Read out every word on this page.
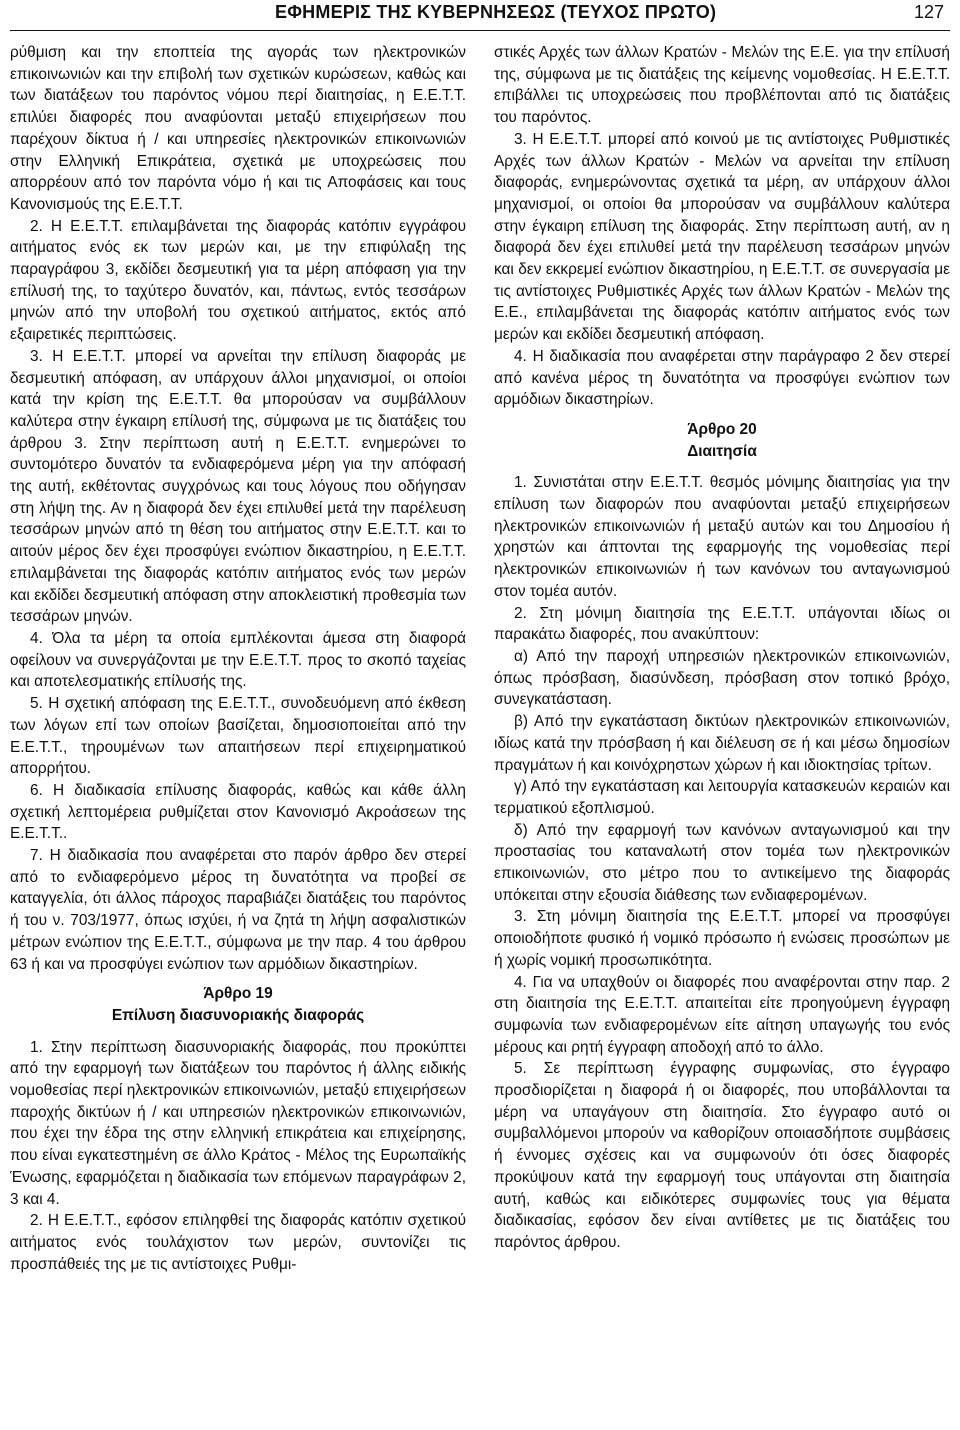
ΕΦΗΜΕΡΙΣ ΤΗΣ ΚΥΒΕΡΝΗΣΕΩΣ (ΤΕΥΧΟΣ ΠΡΩΤΟ)	127

ρύθμιση και την εποπτεία της αγοράς των ηλεκτρονικών επικοινωνιών και την επιβολή των σχετικών κυρώσεων, καθώς και των διατάξεων του παρόντος νόμου περί διαιτησίας, η Ε.Ε.Τ.Τ. επιλύει διαφορές που αναφύονται μεταξύ επιχειρήσεων που παρέχουν δίκτυα ή / και υπηρεσίες ηλεκτρονικών επικοινωνιών στην Ελληνική Επικράτεια, σχετικά με υποχρεώσεις που απορρέουν από τον παρόντα νόμο ή και τις Αποφάσεις και τους Κανονισμούς της Ε.Ε.Τ.Τ.

2. Η Ε.Ε.Τ.Τ. επιλαμβάνεται της διαφοράς κατόπιν εγγράφου αιτήματος ενός εκ των μερών και, με την επιφύλαξη της παραγράφου 3, εκδίδει δεσμευτική για τα μέρη απόφαση για την επίλυσή της, το ταχύτερο δυνατόν, και, πάντως, εντός τεσσάρων μηνών από την υποβολή του σχετικού αιτήματος, εκτός από εξαιρετικές περιπτώσεις.

3. Η Ε.Ε.Τ.Τ. μπορεί να αρνείται την επίλυση διαφοράς με δεσμευτική απόφαση, αν υπάρχουν άλλοι μηχανισμοί, οι οποίοι κατά την κρίση της Ε.Ε.Τ.Τ. θα μπορούσαν να συμβάλλουν καλύτερα στην έγκαιρη επίλυσή της, σύμφωνα με τις διατάξεις του άρθρου 3. Στην περίπτωση αυτή η Ε.Ε.Τ.Τ. ενημερώνει το συντομότερο δυνατόν τα ενδιαφερόμενα μέρη για την απόφασή της αυτή, εκθέτοντας συγχρόνως και τους λόγους που οδήγησαν στη λήψη της. Αν η διαφορά δεν έχει επιλυθεί μετά την παρέλευση τεσσάρων μηνών από τη θέση του αιτήματος στην Ε.Ε.Τ.Τ. και το αιτούν μέρος δεν έχει προσφύγει ενώπιον δικαστηρίου, η Ε.Ε.Τ.Τ. επιλαμβάνεται της διαφοράς κατόπιν αιτήματος ενός των μερών και εκδίδει δεσμευτική απόφαση στην αποκλειστική προθεσμία των τεσσάρων μηνών.

4. Όλα τα μέρη τα οποία εμπλέκονται άμεσα στη διαφορά οφείλουν να συνεργάζονται με την Ε.Ε.Τ.Τ. προς το σκοπό ταχείας και αποτελεσματικής επίλυσής της.

5. Η σχετική απόφαση της Ε.Ε.Τ.Τ., συνοδευόμενη από έκθεση των λόγων επί των οποίων βασίζεται, δημοσιοποιείται από την Ε.Ε.Τ.Τ., τηρουμένων των απαιτήσεων περί επιχειρηματικού απορρήτου.

6. Η διαδικασία επίλυσης διαφοράς, καθώς και κάθε άλλη σχετική λεπτομέρεια ρυθμίζεται στον Κανονισμό Ακροάσεων της Ε.Ε.Τ.Τ..

7. Η διαδικασία που αναφέρεται στο παρόν άρθρο δεν στερεί από το ενδιαφερόμενο μέρος τη δυνατότητα να προβεί σε καταγγελία, ότι άλλος πάροχος παραβιάζει διατάξεις του παρόντος ή του ν. 703/1977, όπως ισχύει, ή να ζητά τη λήψη ασφαλιστικών μέτρων ενώπιον της Ε.Ε.Τ.Τ., σύμφωνα με την παρ. 4 του άρθρου 63 ή και να προσφύγει ενώπιον των αρμόδιων δικαστηρίων.

Άρθρο 19
Επίλυση διασυνοριακής διαφοράς

1. Στην περίπτωση διασυνοριακής διαφοράς, που προκύπτει από την εφαρμογή των διατάξεων του παρόντος ή άλλης ειδικής νομοθεσίας περί ηλεκτρονικών επικοινωνιών, μεταξύ επιχειρήσεων παροχής δικτύων ή / και υπηρεσιών ηλεκτρονικών επικοινωνιών, που έχει την έδρα της στην ελληνική επικράτεια και επιχείρησης, που είναι εγκατεστημένη σε άλλο Κράτος - Μέλος της Ευρωπαϊκής Ένωσης, εφαρμόζεται η διαδικασία των επόμενων παραγράφων 2, 3 και 4.

2. Η Ε.Ε.Τ.Τ., εφόσον επιληφθεί της διαφοράς κατόπιν σχετικού αιτήματος ενός τουλάχιστον των μερών, συντονίζει τις προσπάθειές της με τις αντίστοιχες Ρυθμι-

στικές Αρχές των άλλων Κρατών - Μελών της Ε.Ε. για την επίλυσή της, σύμφωνα με τις διατάξεις της κείμενης νομοθεσίας. Η Ε.Ε.Τ.Τ. επιβάλλει τις υποχρεώσεις που προβλέπονται από τις διατάξεις του παρόντος.

3. Η Ε.Ε.Τ.Τ. μπορεί από κοινού με τις αντίστοιχες Ρυθμιστικές Αρχές των άλλων Κρατών - Μελών να αρνείται την επίλυση διαφοράς, ενημερώνοντας σχετικά τα μέρη, αν υπάρχουν άλλοι μηχανισμοί, οι οποίοι θα μπορούσαν να συμβάλλουν καλύτερα στην έγκαιρη επίλυση της διαφοράς. Στην περίπτωση αυτή, αν η διαφορά δεν έχει επιλυθεί μετά την παρέλευση τεσσάρων μηνών και δεν εκκρεμεί ενώπιον δικαστηρίου, η Ε.Ε.Τ.Τ. σε συνεργασία με τις αντίστοιχες Ρυθμιστικές Αρχές των άλλων Κρατών - Μελών της Ε.Ε., επιλαμβάνεται της διαφοράς κατόπιν αιτήματος ενός των μερών και εκδίδει δεσμευτική απόφαση.

4. Η διαδικασία που αναφέρεται στην παράγραφο 2 δεν στερεί από κανένα μέρος τη δυνατότητα να προσφύγει ενώπιον των αρμόδιων δικαστηρίων.

Άρθρο 20
Διαιτησία

1. Συνιστάται στην Ε.Ε.Τ.Τ. θεσμός μόνιμης διαιτησίας για την επίλυση των διαφορών που αναφύονται μεταξύ επιχειρήσεων ηλεκτρονικών επικοινωνιών ή μεταξύ αυτών και του Δημοσίου ή χρηστών και άπτονται της εφαρμογής της νομοθεσίας περί ηλεκτρονικών επικοινωνιών ή των κανόνων του ανταγωνισμού στον τομέα αυτόν.

2. Στη μόνιμη διαιτησία της Ε.Ε.Τ.Τ. υπάγονται ιδίως οι παρακάτω διαφορές, που ανακύπτουν:

α) Από την παροχή υπηρεσιών ηλεκτρονικών επικοινωνιών, όπως πρόσβαση, διασύνδεση, πρόσβαση στον τοπικό βρόχο, συνεγκατάσταση.

β) Από την εγκατάσταση δικτύων ηλεκτρονικών επικοινωνιών, ιδίως κατά την πρόσβαση ή και διέλευση σε ή και μέσω δημοσίων πραγμάτων ή και κοινόχρηστων χώρων ή και ιδιοκτησίας τρίτων.

γ) Από την εγκατάσταση και λειτουργία κατασκευών κεραιών και τερματικού εξοπλισμού.

δ) Από την εφαρμογή των κανόνων ανταγωνισμού και την προστασίας του καταναλωτή στον τομέα των ηλεκτρονικών επικοινωνιών, στο μέτρο που το αντικείμενο της διαφοράς υπόκειται στην εξουσία διάθεσης των ενδιαφερομένων.

3. Στη μόνιμη διαιτησία της Ε.Ε.Τ.Τ. μπορεί να προσφύγει οποιοδήποτε φυσικό ή νομικό πρόσωπο ή ενώσεις προσώπων με ή χωρίς νομική προσωπικότητα.

4. Για να υπαχθούν οι διαφορές που αναφέρονται στην παρ. 2 στη διαιτησία της Ε.Ε.Τ.Τ. απαιτείται είτε προηγούμενη έγγραφη συμφωνία των ενδιαφερομένων είτε αίτηση υπαγωγής του ενός μέρους και ρητή έγγραφη αποδοχή από το άλλο.

5. Σε περίπτωση έγγραφης συμφωνίας, στο έγγραφο προσδιορίζεται η διαφορά ή οι διαφορές, που υποβάλλονται τα μέρη να υπαγάγουν στη διαιτησία. Στο έγγραφο αυτό οι συμβαλλόμενοι μπορούν να καθορίζουν οποιασδήποτε συμβάσεις ή έννομες σχέσεις και να συμφωνούν ότι όσες διαφορές προκύψουν κατά την εφαρμογή τους υπάγονται στη διαιτησία αυτή, καθώς και ειδικότερες συμφωνίες τους για θέματα διαδικασίας, εφόσον δεν είναι αντίθετες με τις διατάξεις του παρόντος άρθρου.
